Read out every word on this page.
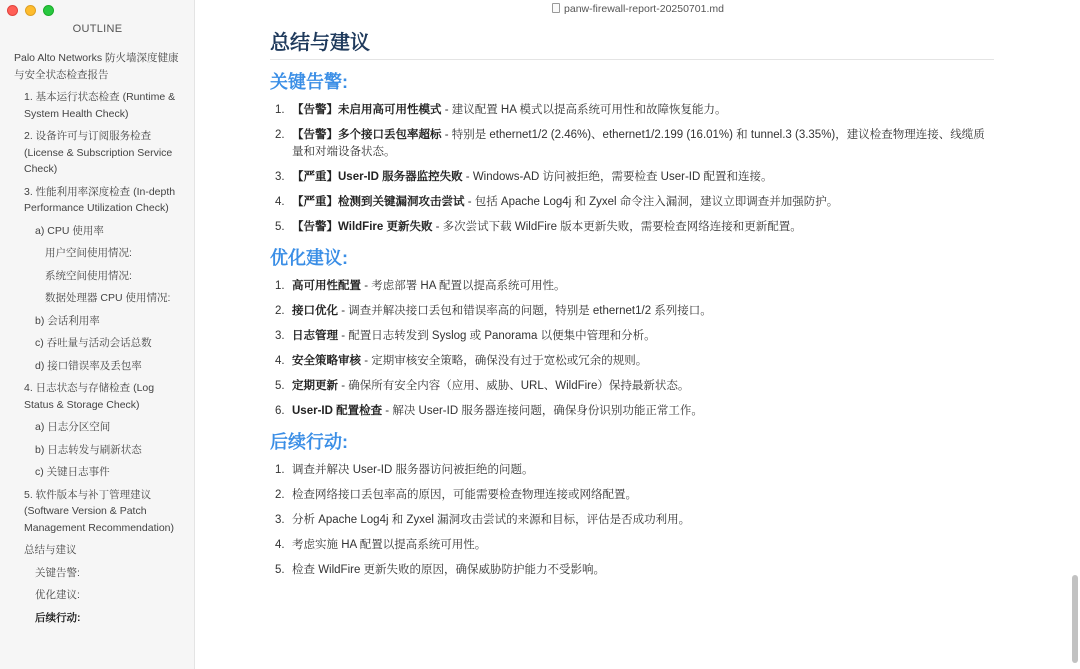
OUTLINE
Palo Alto Networks 防火墙深度健康与安全状态检查报告
1. 基本运行状态检查 (Runtime & System Health Check)
2. 设备许可与订阅服务检查 (License & Subscription Service Check)
3. 性能利用率深度检查 (In-depth Performance Utilization Check)
a) CPU 使用率
用户空间使用情况:
系统空间使用情况:
数据处理器 CPU 使用情况:
b) 会话利用率
c) 吞吐量与活动会话总数
d) 接口错误率及丢包率
4. 日志状态与存储检查 (Log Status & Storage Check)
a) 日志分区空间
b) 日志转发与刷新状态
c) 关键日志事件
5. 软件版本与补丁管理建议 (Software Version & Patch Management Recommendation)
总结与建议
关键告警:
优化建议:
后续行动:
panw-firewall-report-20250701.md
总结与建议
关键告警:
1. 【告警】未启用高可用性模式 - 建议配置 HA 模式以提高系统可用性和故障恢复能力。
2. 【告警】多个接口丢包率超标 - 特别是 ethernet1/2 (2.46%)、ethernet1/2.199 (16.01%) 和 tunnel.3 (3.35%)，建议检查物理连接、线缆质量和对端设备状态。
3. 【严重】User-ID 服务器监控失败 - Windows-AD 访问被拒绝，需要检查 User-ID 配置和连接。
4. 【严重】检测到关键漏洞攻击尝试 - 包括 Apache Log4j 和 Zyxel 命令注入漏洞，建议立即调查并加强防护。
5. 【告警】WildFire 更新失败 - 多次尝试下载 WildFire 版本更新失败，需要检查网络连接和更新配置。
优化建议:
1. 高可用性配置 - 考虑部署 HA 配置以提高系统可用性。
2. 接口优化 - 调查并解决接口丢包和错误率高的问题，特别是 ethernet1/2 系列接口。
3. 日志管理 - 配置日志转发到 Syslog 或 Panorama 以便集中管理和分析。
4. 安全策略审核 - 定期审核安全策略，确保没有过于宽松或冗余的规则。
5. 定期更新 - 确保所有安全内容（应用、威胁、URL、WildFire）保持最新状态。
6. User-ID 配置检查 - 解决 User-ID 服务器连接问题，确保身份识别功能正常工作。
后续行动:
1. 调查并解决 User-ID 服务器访问被拒绝的问题。
2. 检查网络接口丢包率高的原因，可能需要检查物理连接或网络配置。
3. 分析 Apache Log4j 和 Zyxel 漏洞攻击尝试的来源和目标，评估是否成功利用。
4. 考虑实施 HA 配置以提高系统可用性。
5. 检查 WildFire 更新失败的原因，确保威胁防护能力不受影响。
